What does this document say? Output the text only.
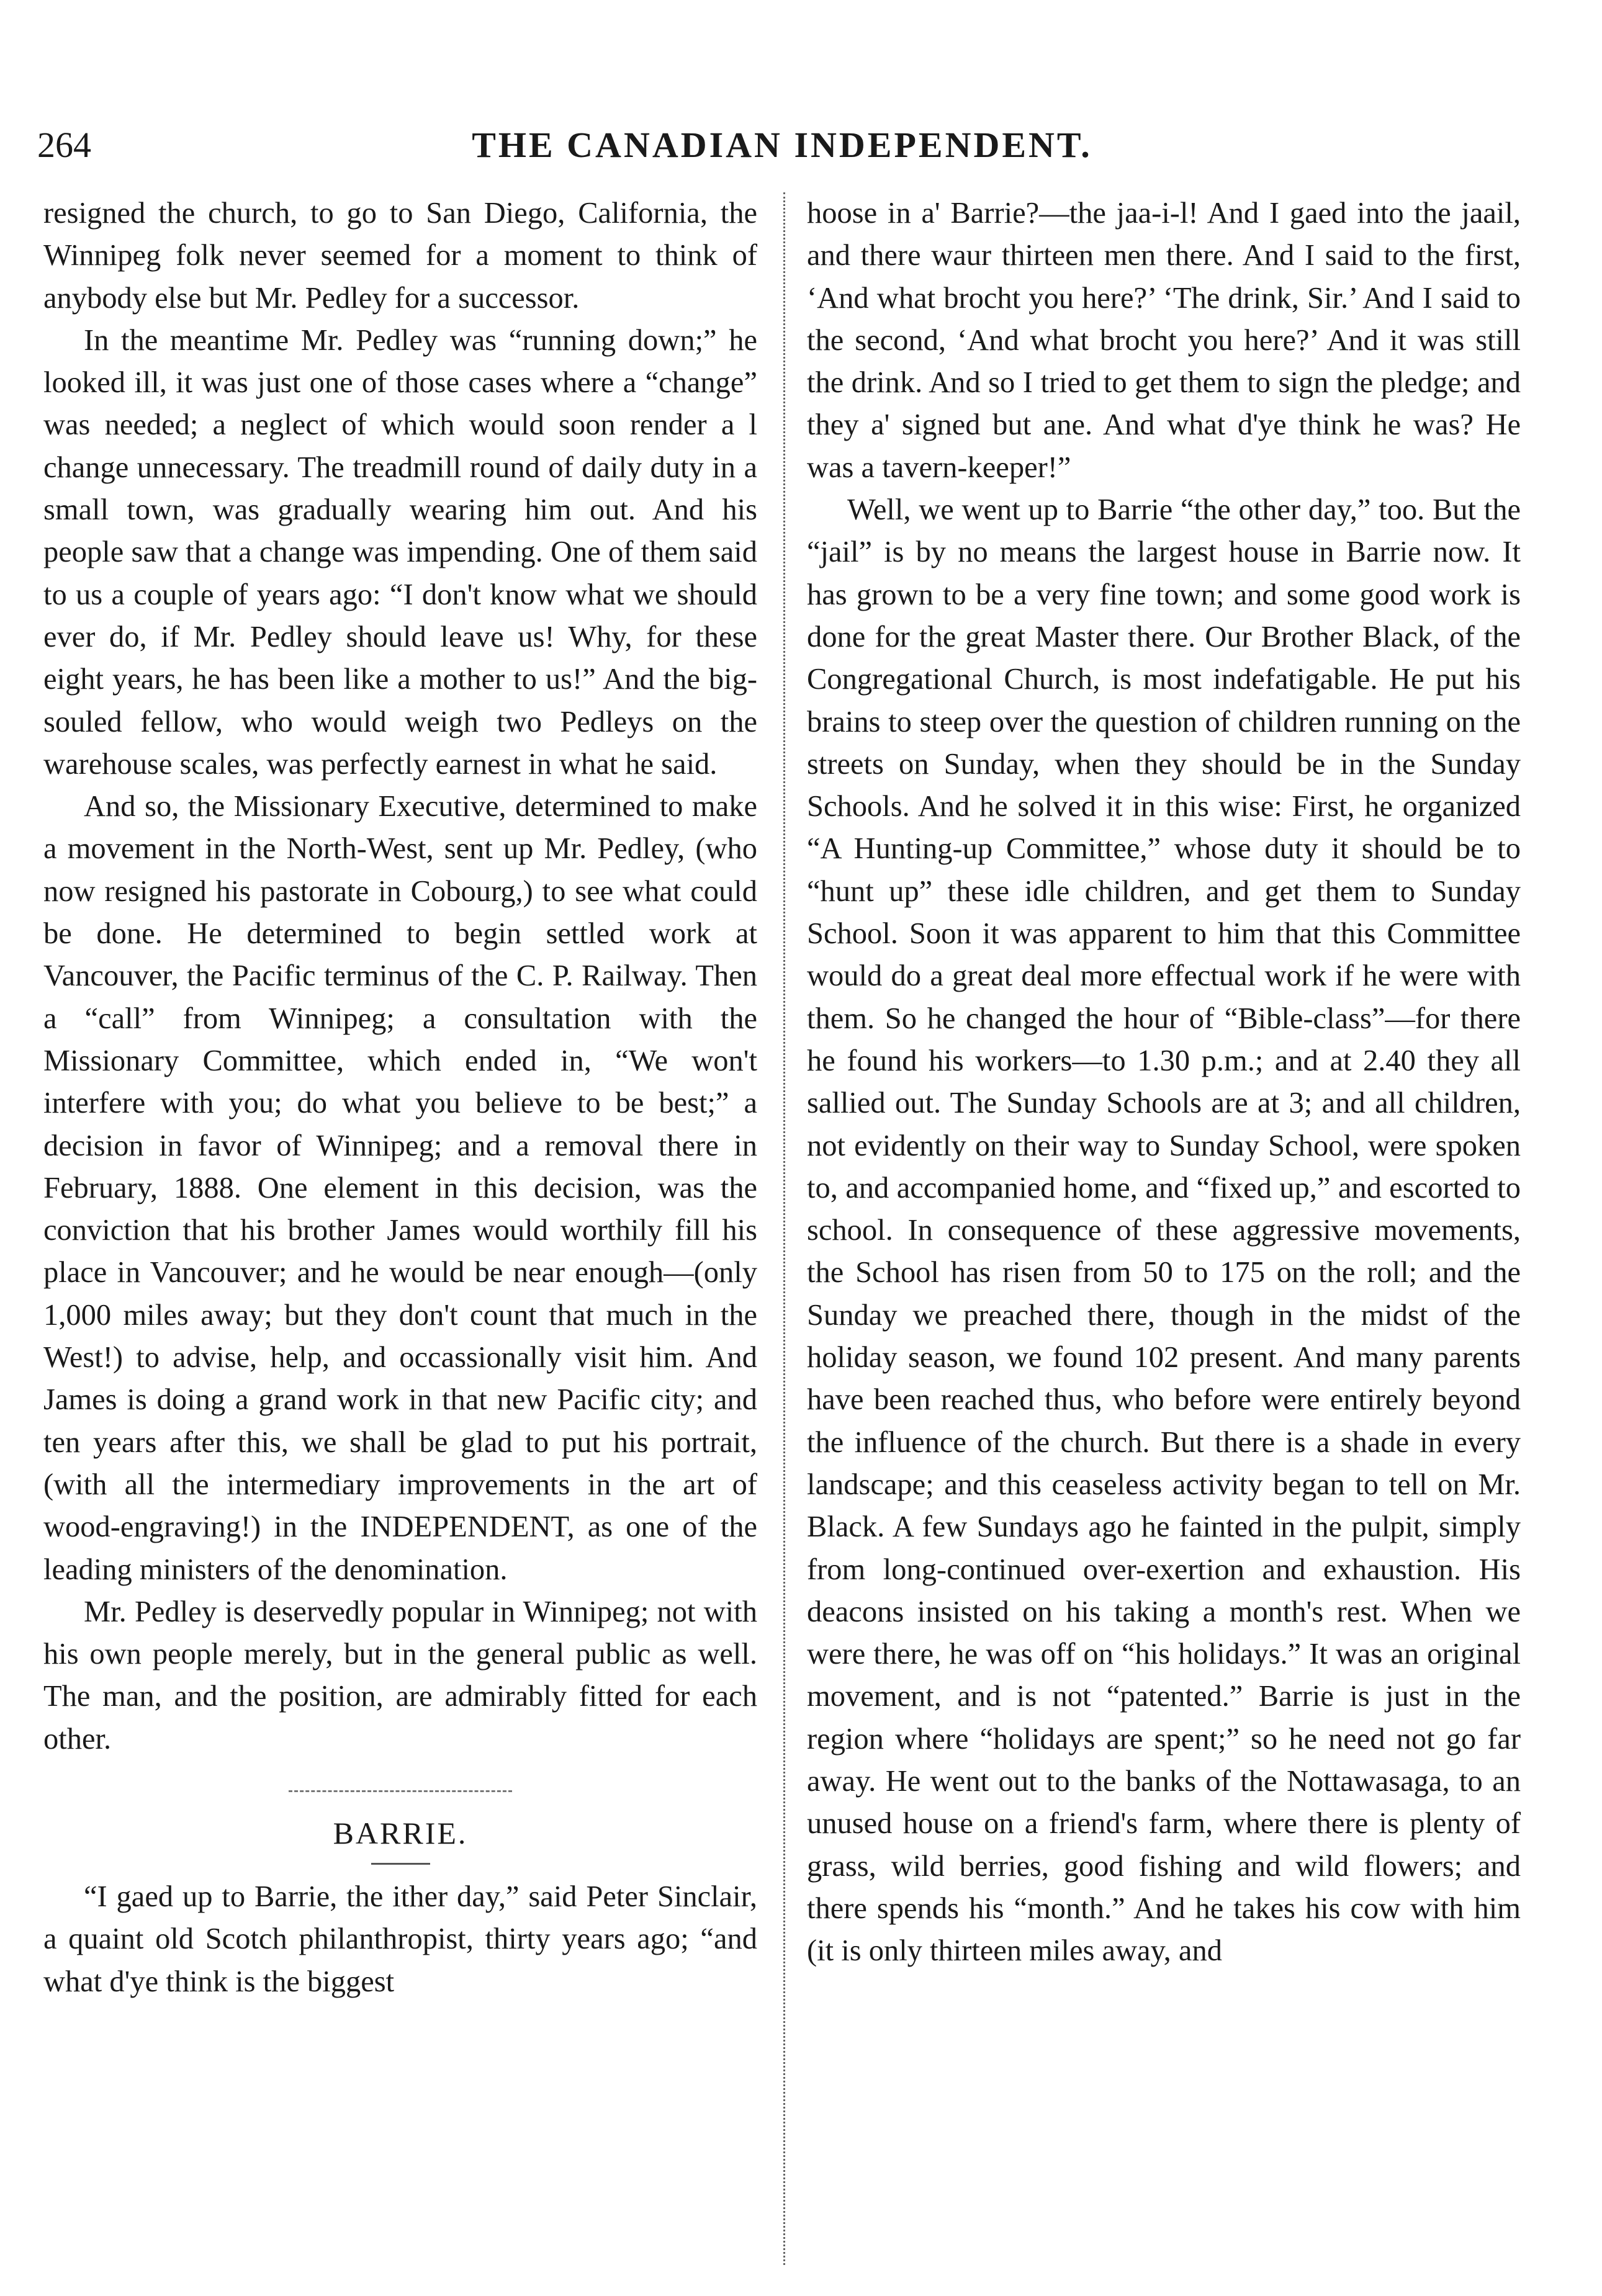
264	THE CANADIAN INDEPENDENT.

resigned the church, to go to San Diego, California, the Winnipeg folk never seemed for a moment to think of anybody else but Mr. Pedley for a successor.

In the meantime Mr. Pedley was “running down;” he looked ill, it was just one of those cases where a “change” was needed; a neglect of which would soon render a l change unnecessary. The treadmill round of daily duty in a small town, was gradually wearing him out. And his people saw that a change was impending. One of them said to us a couple of years ago: “I don't know what we should ever do, if Mr. Pedley should leave us! Why, for these eight years, he has been like a mother to us!” And the big-souled fellow, who would weigh two Pedleys on the warehouse scales, was perfectly earnest in what he said.

And so, the Missionary Executive, determined to make a movement in the North-West, sent up Mr. Pedley, (who now resigned his pastorate in Cobourg,) to see what could be done. He determined to begin settled work at Vancouver, the Pacific terminus of the C. P. Railway. Then a “call” from Winnipeg; a consultation with the Missionary Committee, which ended in, “We won't interfere with you; do what you believe to be best;” a decision in favor of Winnipeg; and a removal there in February, 1888. One element in this decision, was the conviction that his brother James would worthily fill his place in Vancouver; and he would be near enough—(only 1,000 miles away; but they don't count that much in the West!) to advise, help, and occassionally visit him. And James is doing a grand work in that new Pacific city; and ten years after this, we shall be glad to put his portrait, (with all the intermediary improvements in the art of wood-engraving!) in the INDEPENDENT, as one of the leading ministers of the denomination.

Mr. Pedley is deservedly popular in Winnipeg; not with his own people merely, but in the general public as well. The man, and the position, are admirably fitted for each other.

BARRIE.

“I gaed up to Barrie, the ither day,” said Peter Sinclair, a quaint old Scotch philanthropist, thirty years ago; “and what d'ye think is the biggest

hoose in a' Barrie?—the jaa-i-l! And I gaed into the jaail, and there waur thirteen men there. And I said to the first, ‘And what brocht you here?’ ‘The drink, Sir.’ And I said to the second, ‘And what brocht you here?’ And it was still the drink. And so I tried to get them to sign the pledge; and they a' signed but ane. And what d'ye think he was? He was a tavern-keeper!”

Well, we went up to Barrie “the other day,” too. But the “jail” is by no means the largest house in Barrie now. It has grown to be a very fine town; and some good work is done for the great Master there. Our Brother Black, of the Congregational Church, is most indefatigable. He put his brains to steep over the question of children running on the streets on Sunday, when they should be in the Sunday Schools. And he solved it in this wise: First, he organized “A Hunting-up Committee,” whose duty it should be to “hunt up” these idle children, and get them to Sunday School. Soon it was apparent to him that this Committee would do a great deal more effectual work if he were with them. So he changed the hour of “Bible-class”—for there he found his workers—to 1.30 p.m.; and at 2.40 they all sallied out. The Sunday Schools are at 3; and all children, not evidently on their way to Sunday School, were spoken to, and accompanied home, and “fixed up,” and escorted to school. In consequence of these aggressive movements, the School has risen from 50 to 175 on the roll; and the Sunday we preached there, though in the midst of the holiday season, we found 102 present. And many parents have been reached thus, who before were entirely beyond the influence of the church. But there is a shade in every landscape; and this ceaseless activity began to tell on Mr. Black. A few Sundays ago he fainted in the pulpit, simply from long-continued over-exertion and exhaustion. His deacons insisted on his taking a month's rest. When we were there, he was off on “his holidays.” It was an original movement, and is not “patented.” Barrie is just in the region where “holidays are spent;” so he need not go far away. He went out to the banks of the Nottawasaga, to an unused house on a friend's farm, where there is plenty of grass, wild berries, good fishing and wild flowers; and there spends his “month.” And he takes his cow with him (it is only thirteen miles away, and
